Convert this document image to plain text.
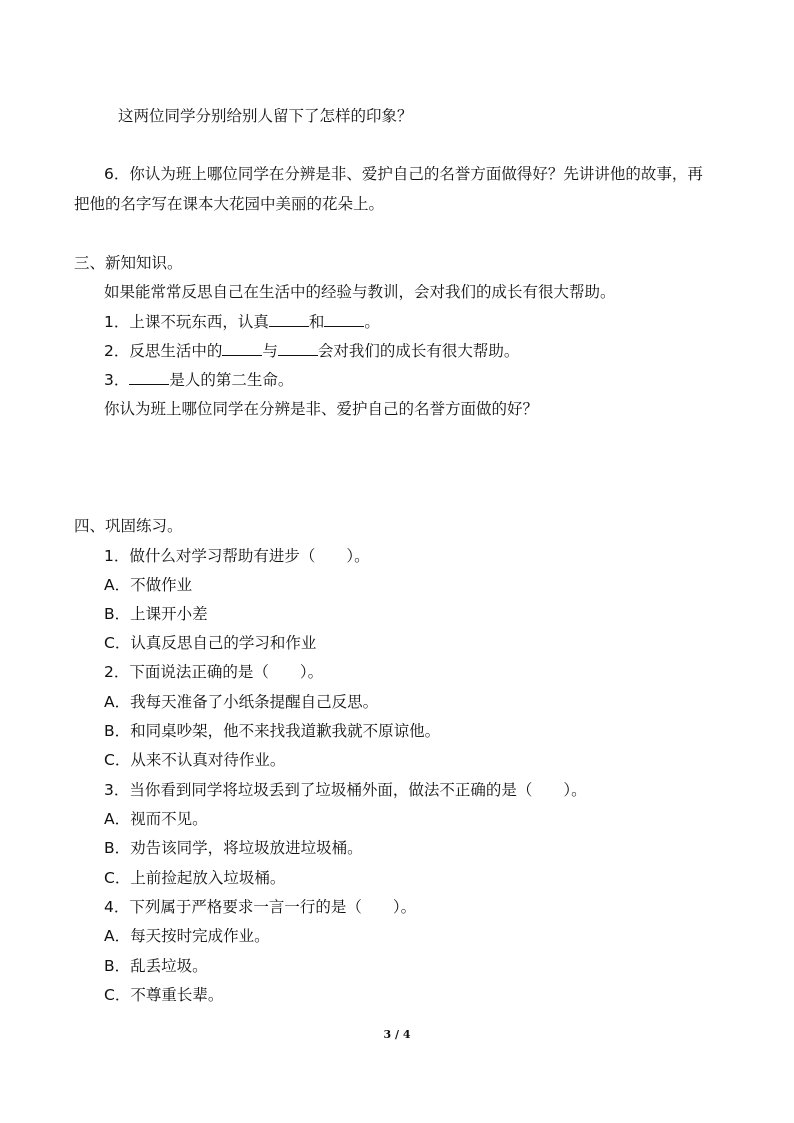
这两位同学分别给别人留下了怎样的印象？
6．你认为班上哪位同学在分辨是非、爱护自己的名誉方面做得好？先讲讲他的故事，再
把他的名字写在课本大花园中美丽的花朵上。
三、新知知识。
如果能常常反思自己在生活中的经验与教训，会对我们的成长有很大帮助。
1．上课不玩东西，认真	和	。
2．反思生活中的	与	会对我们的成长有很大帮助。
3．	是人的第二生命。
你认为班上哪位同学在分辨是非、爱护自己的名誉方面做的好？
四、巩固练习。
1．做什么对学习帮助有进步（　　）。
A．不做作业
B．上课开小差
C．认真反思自己的学习和作业
2．下面说法正确的是（　　）。
A．我每天准备了小纸条提醒自己反思。
B．和同桌吵架，他不来找我道歉我就不原谅他。
C．从来不认真对待作业。
3．当你看到同学将垃圾丢到了垃圾桶外面，做法不正确的是（　　）。
A．视而不见。
B．劝告该同学，将垃圾放进垃圾桶。
C．上前捡起放入垃圾桶。
4．下列属于严格要求一言一行的是（　　）。
A．每天按时完成作业。
B．乱丢垃圾。
C．不尊重长辈。
3 / 4
